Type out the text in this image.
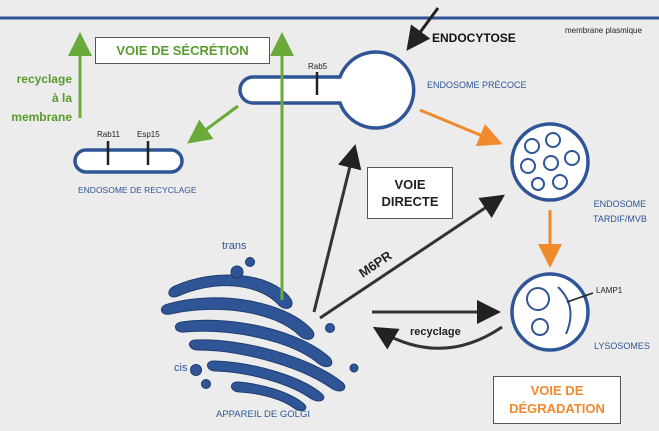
membrane plasmique
ENDOCYTOSE
VOIE DE SÉCRÉTION
recyclage
à la
membrane
Rab5
Rab11 Esp15
ENDOSOME PRÉCOCE
ENDOSOME DE RECYCLAGE
ENDOSOME
TARDIF/MVB
VOIE
DIRECTE
M6PR
trans
cis
recyclage
LAMP1
LYSOSOMES
APPAREIL DE GOLGI
VOIE DE
DÉGRADATION
